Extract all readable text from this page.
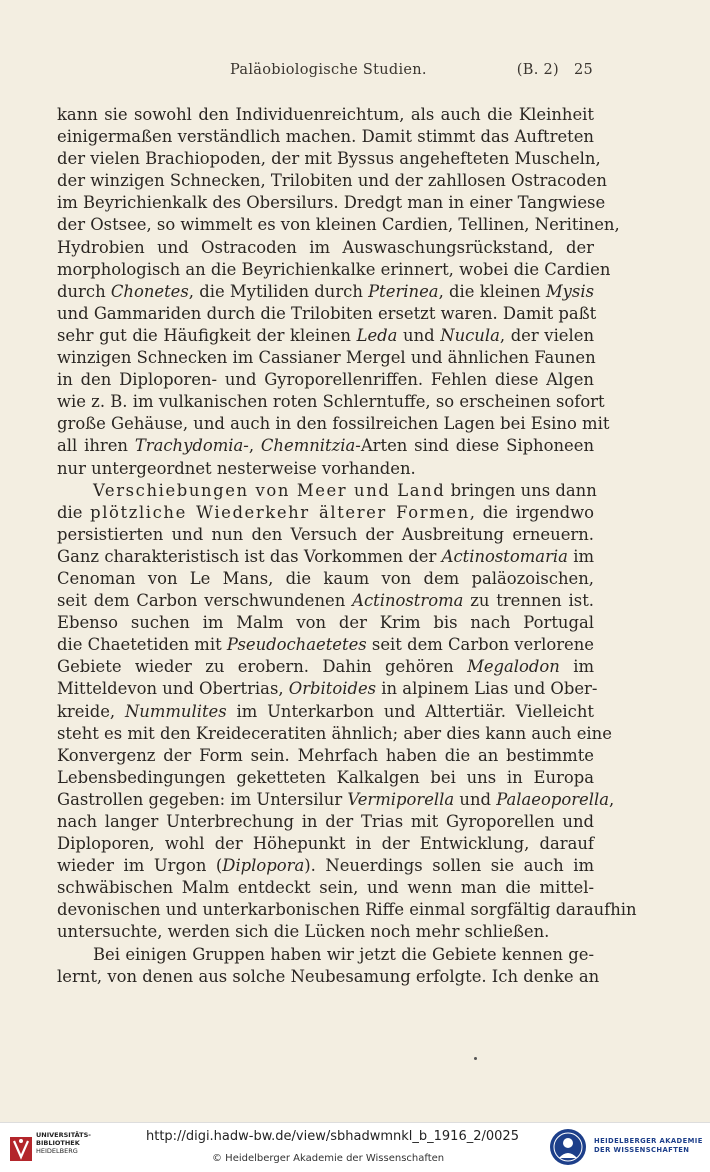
Paläobiologische Studien.	(B. 2) 25
kann sie sowohl den Individuenreichtum, als auch die Kleinheit
einigermaßen verständlich machen. Damit stimmt das Auftreten
der vielen Brachiopoden, der mit Byssus angehefteten Muscheln,
der winzigen Schnecken, Trilobiten und der zahllosen Ostracoden
im Beyrichienkalk des Obersilurs. Dredgt man in einer Tangwiese
der Ostsee, so wimmelt es von kleinen Cardien, Tellinen, Neritinen,
Hydrobien und Ostracoden im Auswaschungsrückstand, der
morphologisch an die Beyrichienkalke erinnert, wobei die Cardien
durch Chonetes, die Mytiliden durch Pterinea, die kleinen Mysis
und Gammariden durch die Trilobiten ersetzt waren. Damit paßt
sehr gut die Häufigkeit der kleinen Leda und Nucula, der vielen
winzigen Schnecken im Cassianer Mergel und ähnlichen Faunen
in den Diploporen- und Gyroporellenriffen. Fehlen diese Algen
wie z. B. im vulkanischen roten Schlerntuffe, so erscheinen sofort
große Gehäuse, und auch in den fossilreichen Lagen bei Esino mit
all ihren Trachydomia-, Chemnitzia-Arten sind diese Siphoneen
nur untergeordnet nesterweise vorhanden.
Verschiebungen von Meer und Land bringen uns dann
die plötzliche Wiederkehr älterer Formen, die irgendwo
persistierten und nun den Versuch der Ausbreitung erneuern.
Ganz charakteristisch ist das Vorkommen der Actinostomaria im
Cenoman von Le Mans, die kaum von dem paläozoischen,
seit dem Carbon verschwundenen Actinostroma zu trennen ist.
Ebenso suchen im Malm von der Krim bis nach Portugal
die Chaetetiden mit Pseudochaetetes seit dem Carbon verlorene
Gebiete wieder zu erobern. Dahin gehören Megalodon im
Mitteldevon und Obertrias, Orbitoides in alpinem Lias und Ober-
kreide, Nummulites im Unterkarbon und Alttertiär. Vielleicht
steht es mit den Kreideceratiten ähnlich; aber dies kann auch eine
Konvergenz der Form sein. Mehrfach haben die an bestimmte
Lebensbedingungen geketteten Kalkalgen bei uns in Europa
Gastrollen gegeben: im Untersilur Vermiporella und Palaeoporella,
nach langer Unterbrechung in der Trias mit Gyroporellen und
Diploporen, wohl der Höhepunkt in der Entwicklung, darauf
wieder im Urgon (Diplopora). Neuerdings sollen sie auch im
schwäbischen Malm entdeckt sein, und wenn man die mittel-
devonischen und unterkarbonischen Riffe einmal sorgfältig daraufhin
untersuchte, werden sich die Lücken noch mehr schließen.
Bei einigen Gruppen haben wir jetzt die Gebiete kennen ge-
lernt, von denen aus solche Neubesamung erfolgte. Ich denke an
UNIVERSITÄTS-
BIBLIOTHEK
HEIDELBERG
http://digi.hadw-bw.de/view/sbhadwmnkl_b_1916_2/0025
© Heidelberger Akademie der Wissenschaften
HEIDELBERGER AKADEMIE
DER WISSENSCHAFTEN
